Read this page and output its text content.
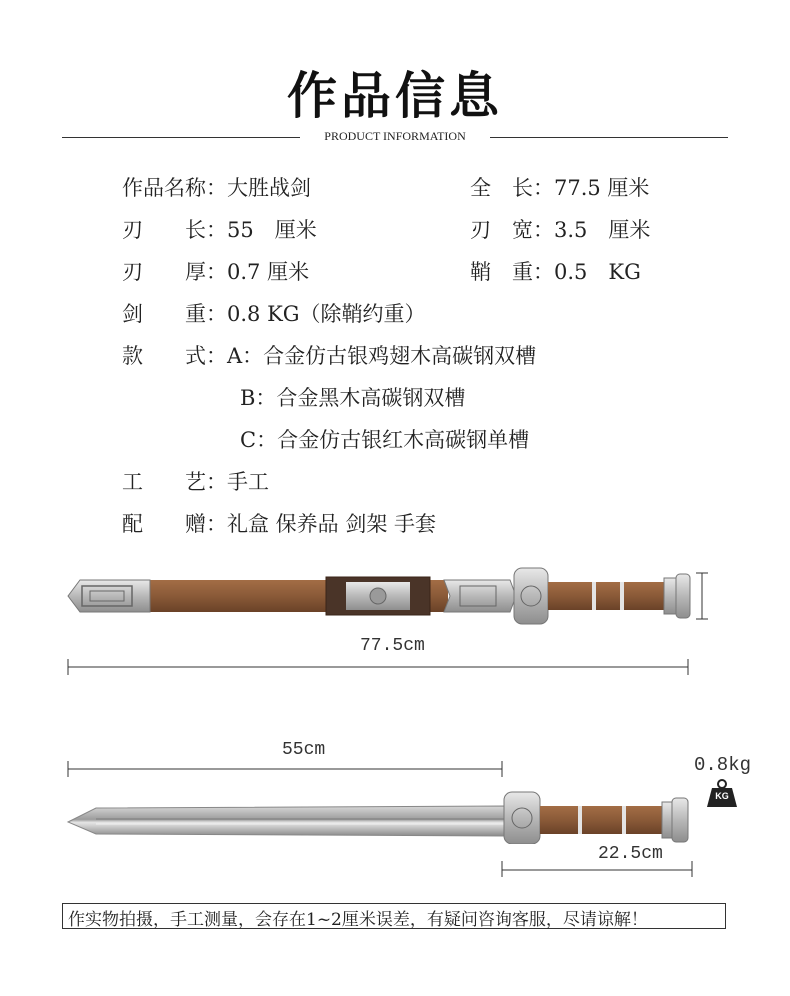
作品信息
PRODUCT INFORMATION
作品名称：大胜战剑	全　长：77.5 厘米
刃　　长：55　厘米	刃　宽：3.5　厘米
刃　　厚：0.7 厘米	鞘　重：0.5　KG
剑　　重：0.8 KG（除鞘约重）
款　　式：A：合金仿古银鸡翅木高碳钢双槽
B：合金黑木高碳钢双槽
C：合金仿古银红木高碳钢单槽
工　　艺：手工
配　　赠：礼盒 保养品 剑架 手套
77.5cm
55cm
0.8kg
KG
22.5cm
作实物拍摄，手工测量，会存在1~2厘米误差，有疑问咨询客服，尽请谅解！
